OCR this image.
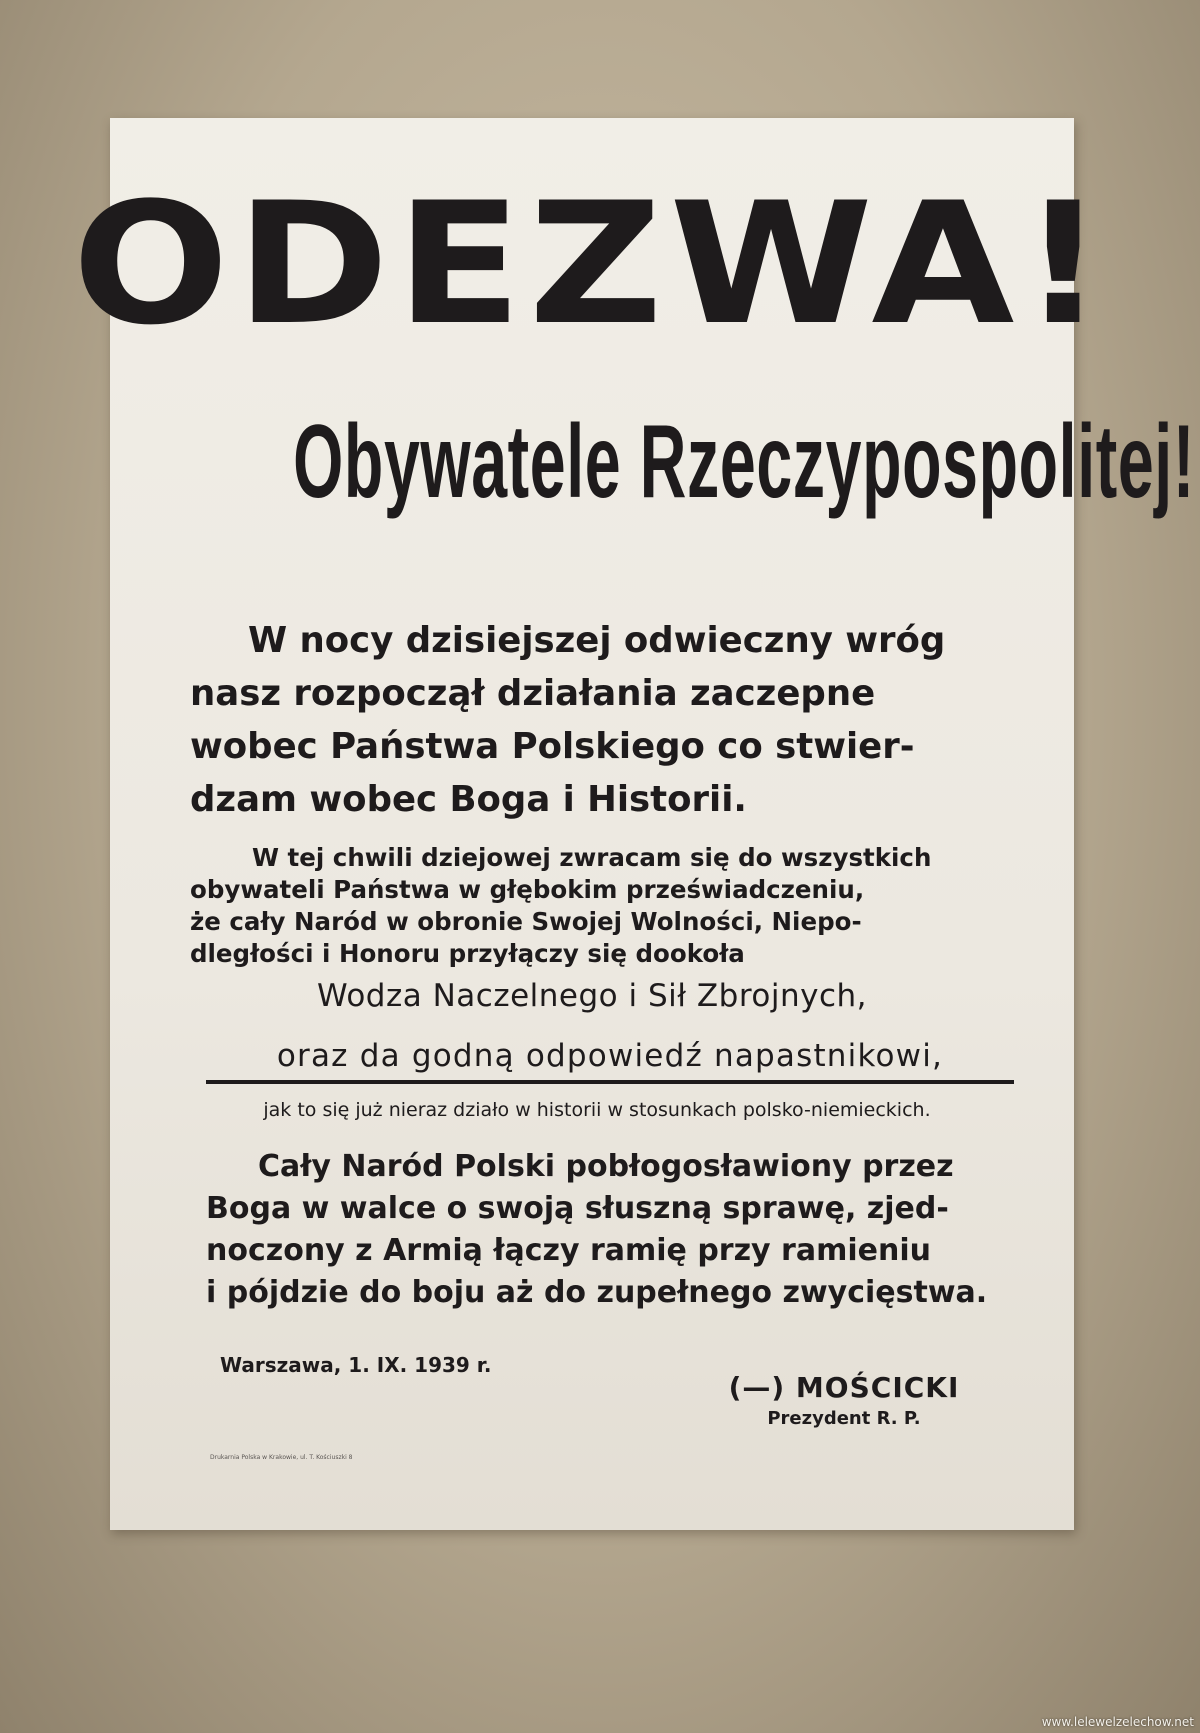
ODEZWA!
Obywatele Rzeczypospolitej!
W nocy dzisiejszej odwieczny wróg
nasz rozpoczął działania zaczepne
wobec Państwa Polskiego co stwier-
dzam wobec Boga i Historii.
W tej chwili dziejowej zwracam się do wszystkich
obywateli Państwa w głębokim przeświadczeniu,
że cały Naród w obronie Swojej Wolności, Niepo-
dległości i Honoru przyłączy się dookoła
Wodza Naczelnego i Sił Zbrojnych,
oraz da godną odpowiedź napastnikowi,
jak to się już nieraz działo w historii w stosunkach polsko-niemieckich.
Cały Naród Polski pobłogosławiony przez
Boga w walce o swoją słuszną sprawę, zjed-
noczony z Armią łączy ramię przy ramieniu
i pójdzie do boju aż do zupełnego zwycięstwa.
Warszawa, 1. IX. 1939 r.
(—) MOŚCICKI
Prezydent R. P.
Drukarnia Polska w Krakowie, ul. T. Kościuszki 8
www.lelewelzelechow.net
